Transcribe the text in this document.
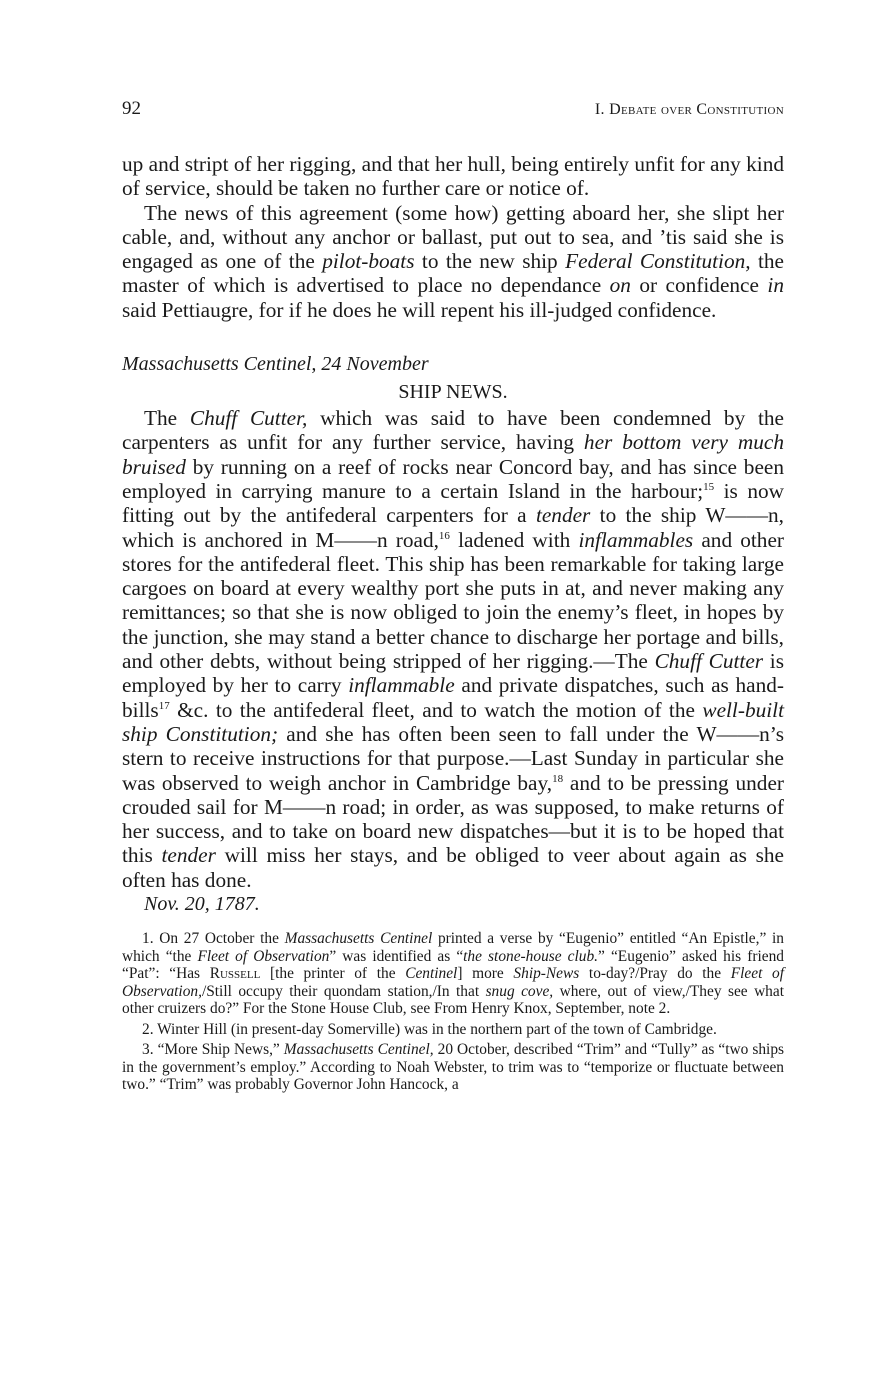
92	I. Debate over Constitution

up and stript of her rigging, and that her hull, being entirely unfit for any kind of service, should be taken no further care or notice of.

The news of this agreement (some how) getting aboard her, she slipt her cable, and, without any anchor or ballast, put out to sea, and ’tis said she is engaged as one of the pilot-boats to the new ship Federal Constitution, the master of which is advertised to place no dependance on or confidence in said Pettiaugre, for if he does he will repent his ill-judged confidence.

Massachusetts Centinel, 24 November

SHIP NEWS.

The Chuff Cutter, which was said to have been condemned by the carpenters as unfit for any further service, having her bottom very much bruised by running on a reef of rocks near Concord bay, and has since been employed in carrying manure to a certain Island in the harbour;$^{15}$ is now fitting out by the antifederal carpenters for a tender to the ship W——n, which is anchored in M——n road,$^{16}$ ladened with inflammables and other stores for the antifederal fleet. This ship has been remarkable for taking large cargoes on board at every wealthy port she puts in at, and never making any remittances; so that she is now obliged to join the enemy’s fleet, in hopes by the junction, she may stand a better chance to discharge her portage and bills, and other debts, without being stripped of her rigging.—The Chuff Cutter is employed by her to carry inflammable and private dispatches, such as hand-bills$^{17}$ &c. to the antifederal fleet, and to watch the motion of the well-built ship Constitution; and she has often been seen to fall under the W——n’s stern to receive instructions for that purpose.—Last Sunday in particular she was observed to weigh anchor in Cambridge bay,$^{18}$ and to be pressing under crouded sail for M——n road; in order, as was supposed, to make returns of her success, and to take on board new dispatches—but it is to be hoped that this tender will miss her stays, and be obliged to veer about again as she often has done.

Nov. 20, 1787.

1. On 27 October the Massachusetts Centinel printed a verse by “Eugenio” entitled “An Epistle,” in which “the Fleet of Observation” was identified as “the stone-house club.” “Eugenio” asked his friend “Pat”: “Has Russell [the printer of the Centinel] more Ship-News to-day?/Pray do the Fleet of Observation,/Still occupy their quondam station,/In that snug cove, where, out of view,/They see what other cruizers do?” For the Stone House Club, see From Henry Knox, September, note 2.

2. Winter Hill (in present-day Somerville) was in the northern part of the town of Cambridge.

3. “More Ship News,” Massachusetts Centinel, 20 October, described “Trim” and “Tully” as “two ships in the government’s employ.” According to Noah Webster, to trim was to “temporize or fluctuate between two.” “Trim” was probably Governor John Hancock, a
